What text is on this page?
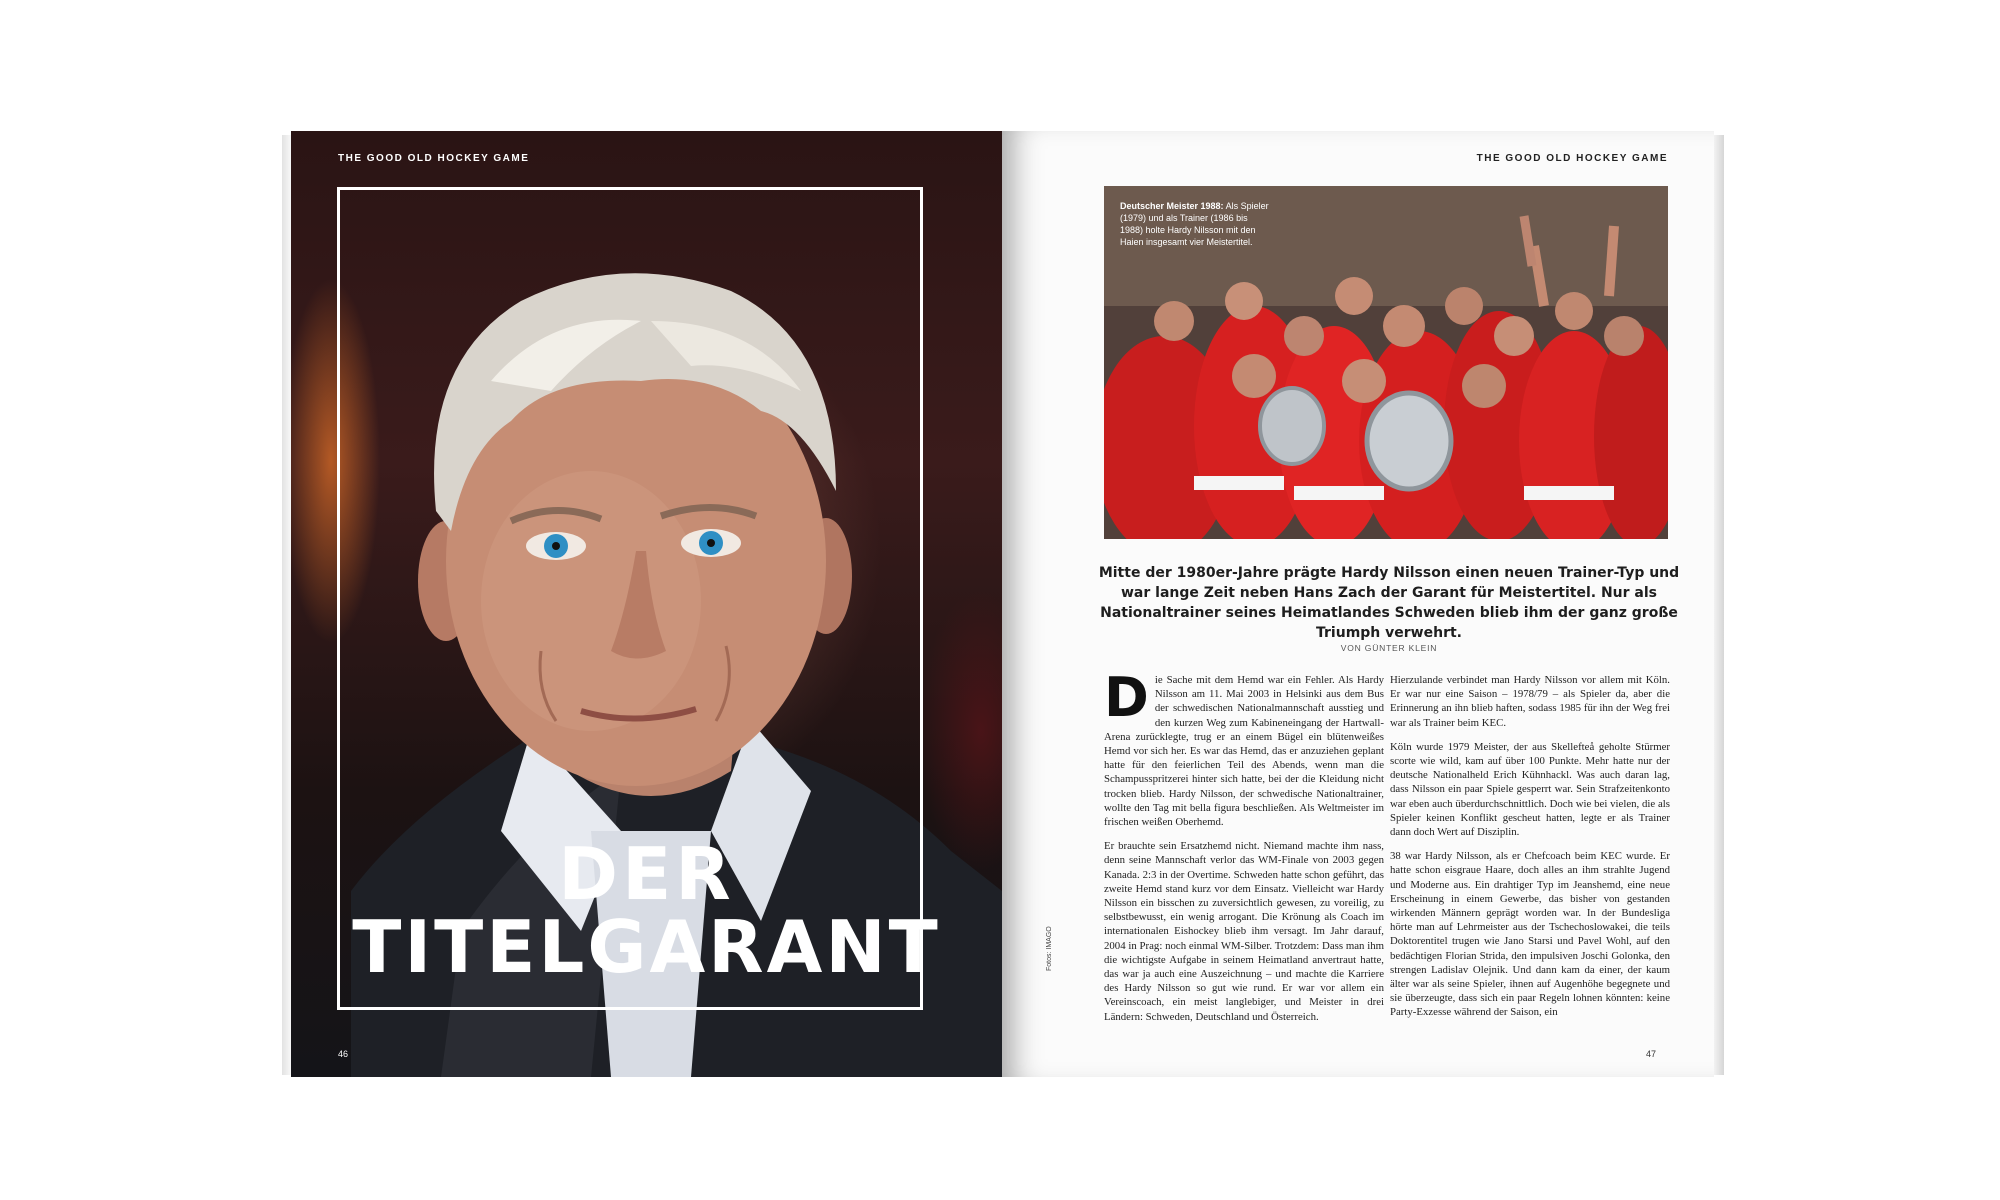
THE GOOD OLD HOCKEY GAME
DER
TITELGARANT
46
THE GOOD OLD HOCKEY GAME
Deutscher Meister 1988: Als Spieler (1979) und als Trainer (1986 bis 1988) holte Hardy Nilsson mit den Haien insgesamt vier Meistertitel.
Mitte der 1980er-Jahre prägte Hardy Nilsson einen neuen Trainer-Typ und war lange Zeit neben Hans Zach der Garant für Meistertitel. Nur als Nationaltrainer seines Heimatlandes Schweden blieb ihm der ganz große Triumph verwehrt.
VON GÜNTER KLEIN

Die Sache mit dem Hemd war ein Fehler. Als Hardy Nilsson am 11. Mai 2003 in Helsinki aus dem Bus der schwedischen Nationalmannschaft ausstieg und den kurzen Weg zum Kabineneingang der Hartwall-Arena zurücklegte, trug er an einem Bügel ein blütenweißes Hemd vor sich her. Es war das Hemd, das er anzuziehen geplant hatte für den feierlichen Teil des Abends, wenn man die Schampusspritzerei hinter sich hatte, bei der die Kleidung nicht trocken blieb. Hardy Nilsson, der schwedische Nationaltrainer, wollte den Tag mit bella figura beschließen. Als Weltmeister im frischen weißen Oberhemd.

Er brauchte sein Ersatzhemd nicht. Niemand machte ihm nass, denn seine Mannschaft verlor das WM-Finale von 2003 gegen Kanada. 2:3 in der Overtime. Schweden hatte schon geführt, das zweite Hemd stand kurz vor dem Einsatz. Vielleicht war Hardy Nilsson ein bisschen zu zuversichtlich gewesen, zu voreilig, zu selbstbewusst, ein wenig arrogant. Die Krönung als Coach im internationalen Eishockey blieb ihm versagt. Im Jahr darauf, 2004 in Prag: noch einmal WM-Silber. Trotzdem: Dass man ihm die wichtigste Aufgabe in seinem Heimatland anvertraut hatte, das war ja auch eine Auszeichnung – und machte die Karriere des Hardy Nilsson so gut wie rund. Er war vor allem ein Vereinscoach, ein meist langlebiger, und Meister in drei Ländern: Schweden, Deutschland und Österreich.

Hierzulande verbindet man Hardy Nilsson vor allem mit Köln. Er war nur eine Saison – 1978/79 – als Spieler da, aber die Erinnerung an ihn blieb haften, sodass 1985 für ihn der Weg frei war als Trainer beim KEC.

Köln wurde 1979 Meister, der aus Skellefteå geholte Stürmer scorte wie wild, kam auf über 100 Punkte. Mehr hatte nur der deutsche Nationalheld Erich Kühnhackl. Was auch daran lag, dass Nilsson ein paar Spiele gesperrt war. Sein Strafzeitenkonto war eben auch überdurchschnittlich. Doch wie bei vielen, die als Spieler keinen Konflikt gescheut hatten, legte er als Trainer dann doch Wert auf Disziplin.

38 war Hardy Nilsson, als er Chefcoach beim KEC wurde. Er hatte schon eisgraue Haare, doch alles an ihm strahlte Jugend und Moderne aus. Ein drahtiger Typ im Jeanshemd, eine neue Erscheinung in einem Gewerbe, das bisher von gestanden wirkenden Männern geprägt worden war. In der Bundesliga hörte man auf Lehrmeister aus der Tschechoslowakei, die teils Doktorentitel trugen wie Jano Starsi und Pavel Wohl, auf den bedächtigen Florian Strida, den impulsiven Joschi Golonka, den strengen Ladislav Olejnik. Und dann kam da einer, der kaum älter war als seine Spieler, ihnen auf Augenhöhe begegnete und sie überzeugte, dass sich ein paar Regeln lohnen könnten: keine Party-Exzesse während der Saison, ein

Fotos: IMAGO
47
